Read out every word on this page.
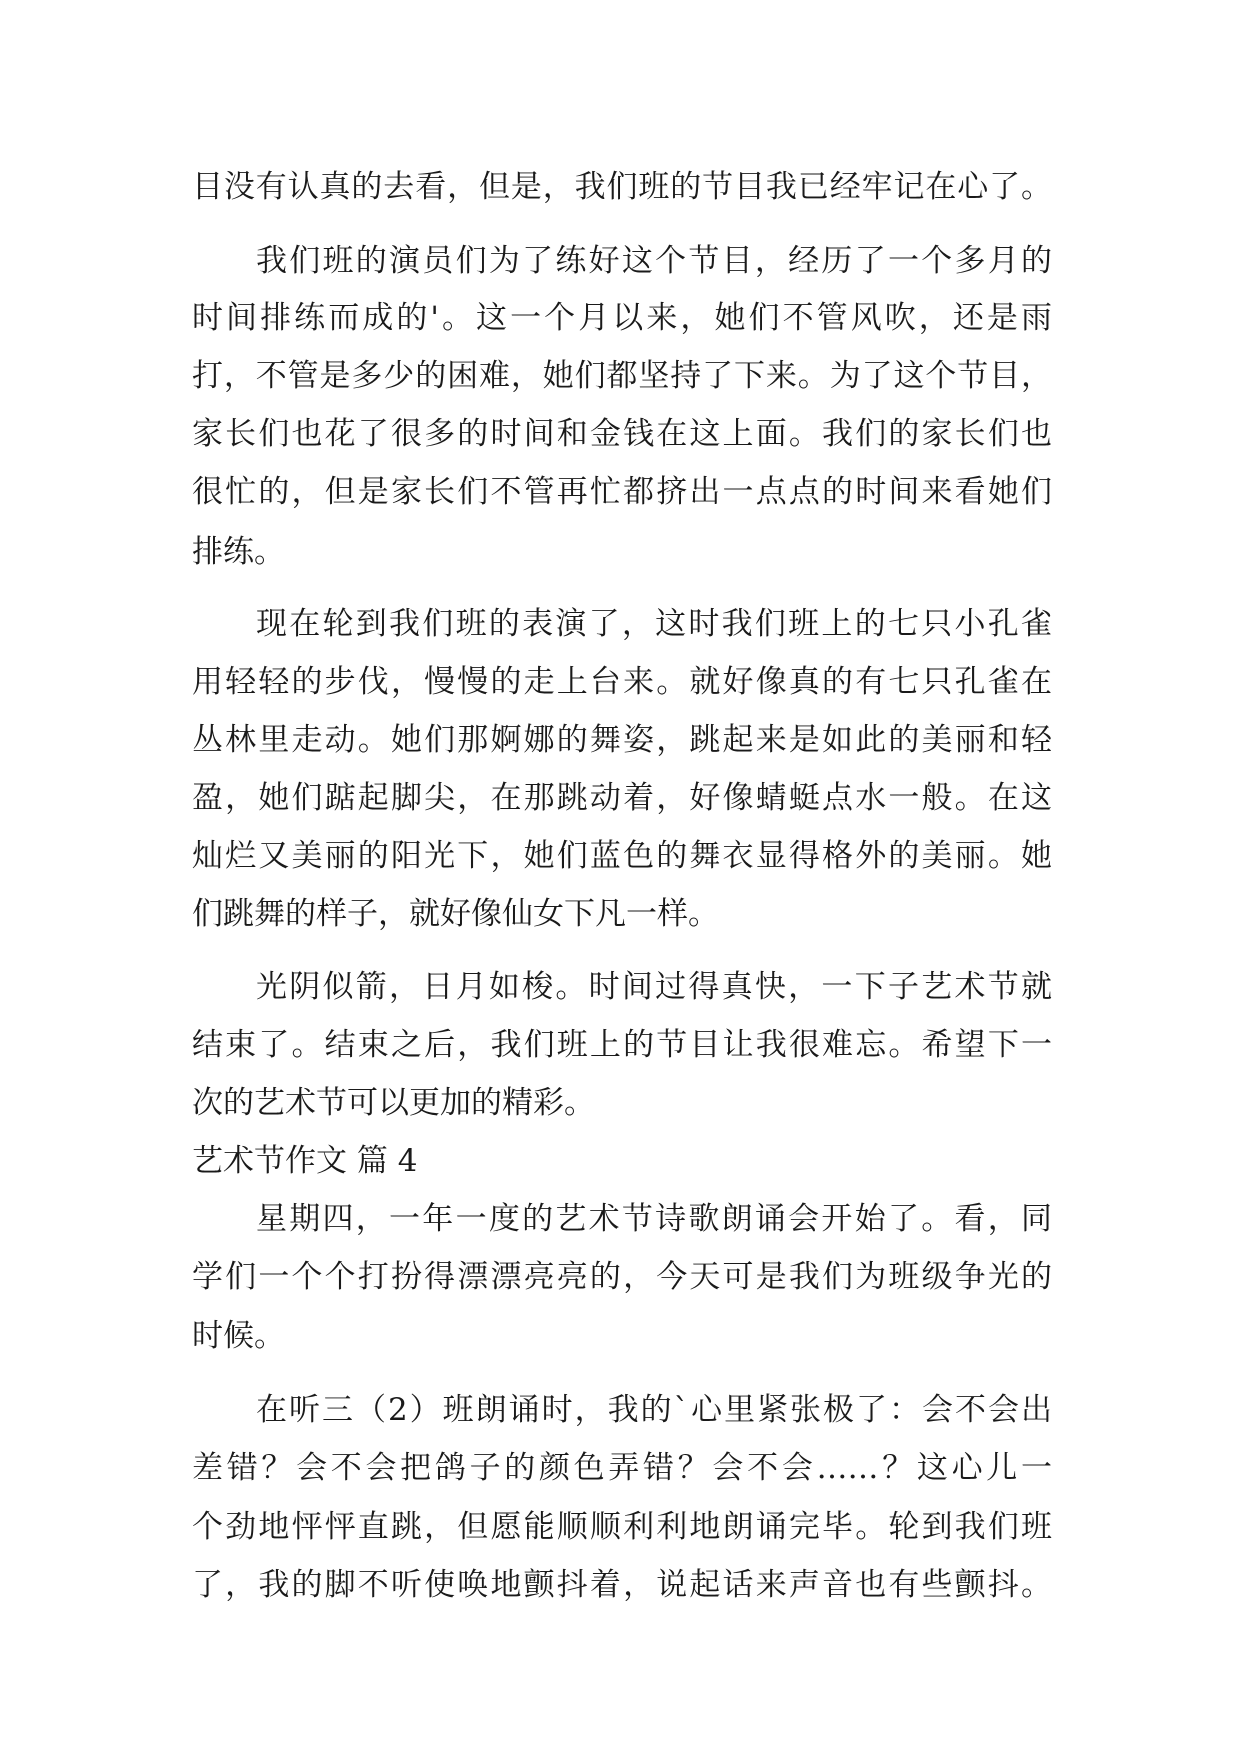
目没有认真的去看，但是，我们班的节目我已经牢记在心了。
我们班的演员们为了练好这个节目，经历了一个多月的
时间排练而成的'。这一个月以来，她们不管风吹，还是雨
打，不管是多少的困难，她们都坚持了下来。为了这个节目，
家长们也花了很多的时间和金钱在这上面。我们的家长们也
很忙的，但是家长们不管再忙都挤出一点点的时间来看她们
排练。
现在轮到我们班的表演了，这时我们班上的七只小孔雀
用轻轻的步伐，慢慢的走上台来。就好像真的有七只孔雀在
丛林里走动。她们那婀娜的舞姿，跳起来是如此的美丽和轻
盈，她们踮起脚尖，在那跳动着，好像蜻蜓点水一般。在这
灿烂又美丽的阳光下，她们蓝色的舞衣显得格外的美丽。她
们跳舞的样子，就好像仙女下凡一样。
光阴似箭，日月如梭。时间过得真快，一下子艺术节就
结束了。结束之后，我们班上的节目让我很难忘。希望下一
次的艺术节可以更加的精彩。
艺术节作文 篇 4
星期四，一年一度的艺术节诗歌朗诵会开始了。看，同
学们一个个打扮得漂漂亮亮的，今天可是我们为班级争光的
时候。
在听三（2）班朗诵时，我的`心里紧张极了：会不会出
差错？会不会把鸽子的颜色弄错？会不会……？这心儿一
个劲地怦怦直跳，但愿能顺顺利利地朗诵完毕。轮到我们班
了，我的脚不听使唤地颤抖着，说起话来声音也有些颤抖。
